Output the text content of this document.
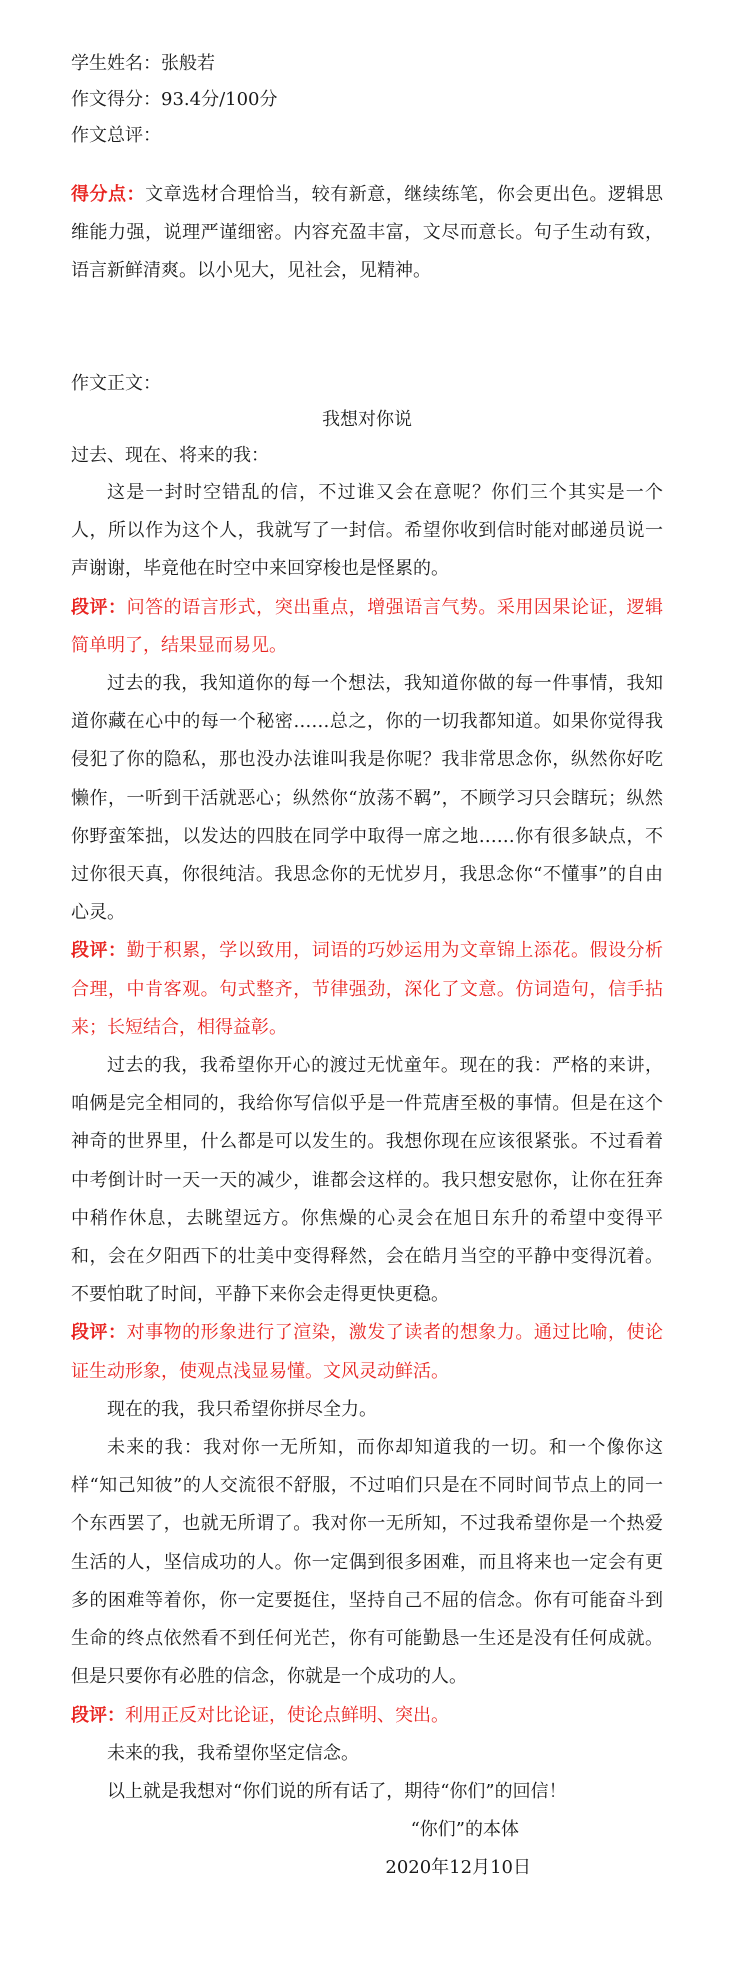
学生姓名：张般若

作文得分：93.4分/100分

作文总评：

得分点：文章选材合理恰当，较有新意，继续练笔，你会更出色。逻辑思维能力强，说理严谨细密。内容充盈丰富，文尽而意长。句子生动有致，语言新鲜清爽。以小见大，见社会，见精神。

作文正文：

我想对你说

过去、现在、将来的我：

这是一封时空错乱的信，不过谁又会在意呢？你们三个其实是一个人，所以作为这个人，我就写了一封信。希望你收到信时能对邮递员说一声谢谢，毕竟他在时空中来回穿梭也是怪累的。

段评：问答的语言形式，突出重点，增强语言气势。采用因果论证，逻辑简单明了，结果显而易见。

过去的我，我知道你的每一个想法，我知道你做的每一件事情，我知道你藏在心中的每一个秘密……总之，你的一切我都知道。如果你觉得我侵犯了你的隐私，那也没办法谁叫我是你呢？我非常思念你，纵然你好吃懒作，一听到干活就恶心；纵然你“放荡不羁”，不顾学习只会瞎玩；纵然你野蛮笨拙，以发达的四肢在同学中取得一席之地……你有很多缺点，不过你很天真，你很纯洁。我思念你的无忧岁月，我思念你“不懂事”的自由心灵。

段评：勤于积累，学以致用，词语的巧妙运用为文章锦上添花。假设分析合理，中肯客观。句式整齐，节律强劲，深化了文意。仿词造句，信手拈来；长短结合，相得益彰。

过去的我，我希望你开心的渡过无忧童年。现在的我：严格的来讲，咱俩是完全相同的，我给你写信似乎是一件荒唐至极的事情。但是在这个神奇的世界里，什么都是可以发生的。我想你现在应该很紧张。不过看着中考倒计时一天一天的减少，谁都会这样的。我只想安慰你，让你在狂奔中稍作休息，去眺望远方。你焦燥的心灵会在旭日东升的希望中变得平和，会在夕阳西下的壮美中变得释然，会在皓月当空的平静中变得沉着。不要怕耽了时间，平静下来你会走得更快更稳。

段评：对事物的形象进行了渲染，激发了读者的想象力。通过比喻，使论证生动形象，使观点浅显易懂。文风灵动鲜活。

现在的我，我只希望你拼尽全力。

未来的我：我对你一无所知，而你却知道我的一切。和一个像你这样“知己知彼”的人交流很不舒服，不过咱们只是在不同时间节点上的同一个东西罢了，也就无所谓了。我对你一无所知，不过我希望你是一个热爱生活的人，坚信成功的人。你一定偶到很多困难，而且将来也一定会有更多的困难等着你，你一定要挺住，坚持自己不屈的信念。你有可能奋斗到生命的终点依然看不到任何光芒，你有可能勤恳一生还是没有任何成就。但是只要你有必胜的信念，你就是一个成功的人。

段评：利用正反对比论证，使论点鲜明、突出。

未来的我，我希望你坚定信念。

以上就是我想对“你们说的所有话了，期待“你们”的回信！

“你们”的本体

2020年12月10日
